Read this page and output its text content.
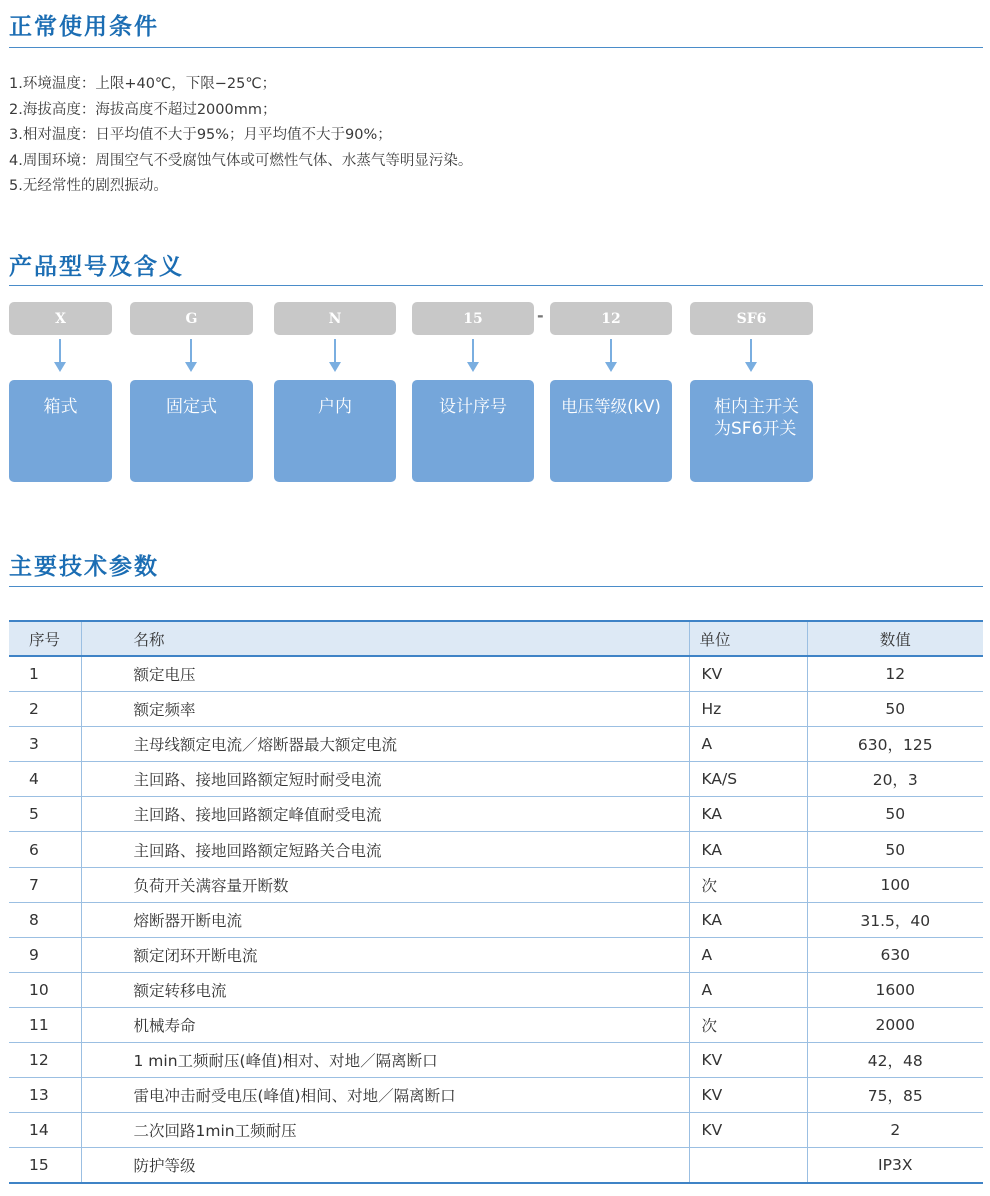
正常使用条件
1.环境温度：上限+40℃，下限−25℃；
2.海拔高度：海拔高度不超过2000mm；
3.相对温度：日平均值不大于95%；月平均值不大于90%；
4.周围环境：周围空气不受腐蚀气体或可燃性气体、水蒸气等明显污染。
5.无经常性的剧烈振动。
产品型号及含义
X	G	N	15	-	12	SF6
箱式	固定式	户内	设计序号	电压等级(kV)	柜内主开关为SF6开关
主要技术参数
序号	名称	单位	数值
1	额定电压	KV	12
2	额定频率	Hz	50
3	主母线额定电流／熔断器最大额定电流	A	630，125
4	主回路、接地回路额定短时耐受电流	KA/S	20，3
5	主回路、接地回路额定峰值耐受电流	KA	50
6	主回路、接地回路额定短路关合电流	KA	50
7	负荷开关满容量开断数	次	100
8	熔断器开断电流	KA	31.5，40
9	额定闭环开断电流	A	630
10	额定转移电流	A	1600
11	机械寿命	次	2000
12	1 min工频耐压(峰值)相对、对地／隔离断口	KV	42，48
13	雷电冲击耐受电压(峰值)相间、对地／隔离断口	KV	75，85
14	二次回路1min工频耐压	KV	2
15	防护等级		IP3X
